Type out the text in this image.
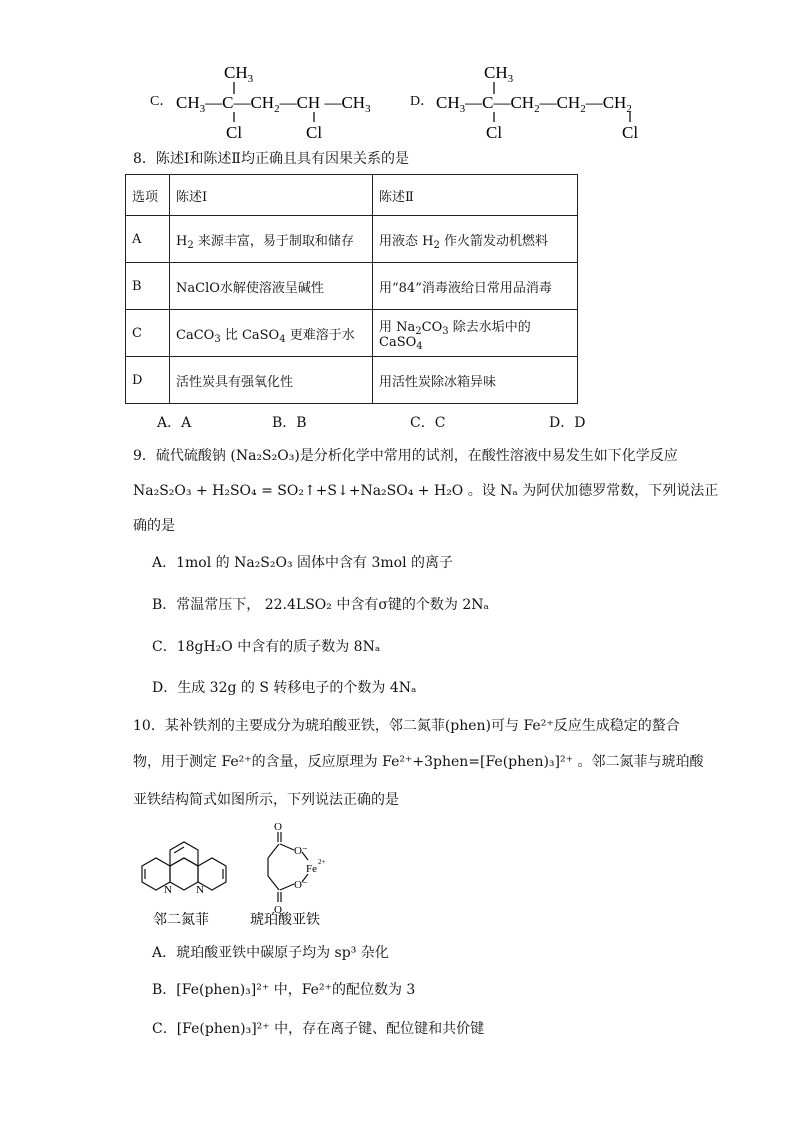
C．
$CH_3$
$CH_3—C—CH_2—CH$ $—CH_3$
Cl	Cl
D．
$CH_3$
$CH_3—C—CH_2—CH_2—CH_2$
Cl	Cl
8．陈述Ⅰ和陈述Ⅱ均正确且具有因果关系的是
选项	陈述Ⅰ	陈述Ⅱ
A	$H_2$ 来源丰富，易于制取和储存	用液态 $H_2$ 作火箭发动机燃料
B	NaClO水解使溶液呈碱性	用“84”消毒液给日常用品消毒
C	CaCO$_3$ 比 CaSO$_4$ 更难溶于水	用 $Na_2CO_3$ 除去水垢中的 CaSO$_4$
D	活性炭具有强氧化性	用活性炭除冰箱异味
A．A	B．B	C．C	D．D
9．硫代硫酸钠 (Na₂S₂O₃)是分析化学中常用的试剂，在酸性溶液中易发生如下化学反应
Na₂S₂O₃ + H₂SO₄ = SO₂↑+S↓+Na₂SO₄ + H₂O 。设 Nₐ 为阿伏加德罗常数，下列说法正
确的是
A．1mol 的 Na₂S₂O₃ 固体中含有 3mol 的离子
B．常温常压下， 22.4LSO₂ 中含有σ键的个数为 2Nₐ
C．18gH₂O 中含有的质子数为 8Nₐ
D．生成 32g 的 S 转移电子的个数为 4Nₐ
10．某补铁剂的主要成分为琥珀酸亚铁，邻二氮菲(phen)可与 Fe²⁺反应生成稳定的螯合
物，用于测定 Fe²⁺的含量，反应原理为 Fe²⁺+3phen=[Fe(phen)₃]²⁺ 。邻二氮菲与琥珀酸
亚铁结构简式如图所示，下列说法正确的是
N N
O
O⁻
Fe
2+
O⁻
O
邻二氮菲	琥珀酸亚铁
A．琥珀酸亚铁中碳原子均为 sp³ 杂化
B．[Fe(phen)₃]²⁺ 中，Fe²⁺的配位数为 3
C．[Fe(phen)₃]²⁺ 中，存在离子键、配位键和共价键
